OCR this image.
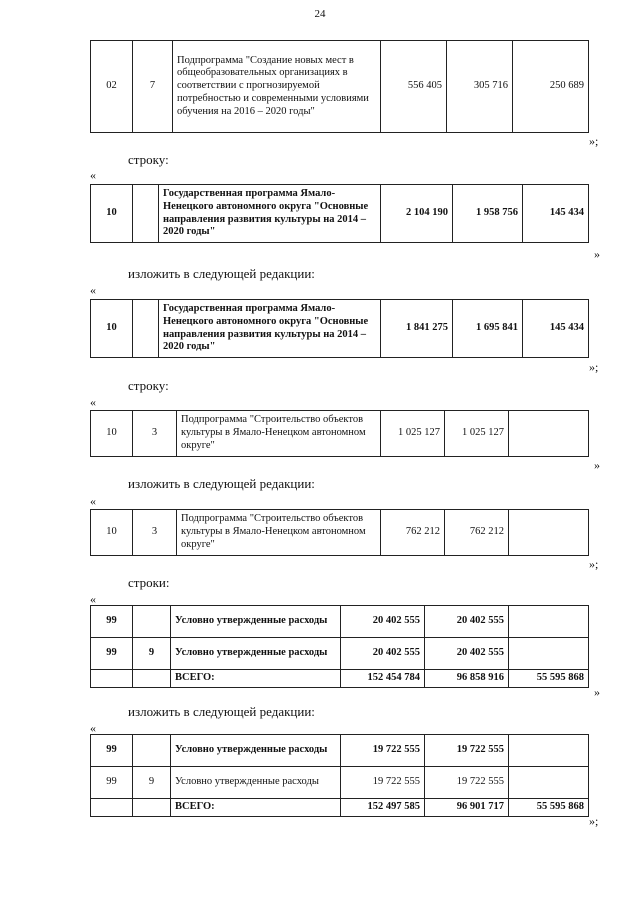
24
02	7	Подпрограмма "Создание новых мест в общеобразовательных организациях в соответствии с прогнозируемой потребностью и современными условиями обучения на 2016 – 2020 годы"	556 405	305 716	250 689
»;
строку:
«
10		Государственная программа Ямало-Ненецкого автономного округа "Основные направления развития культуры на 2014 – 2020 годы"	2 104 190	1 958 756	145 434
»
изложить в следующей редакции:
«
10		Государственная программа Ямало-Ненецкого автономного округа "Основные направления развития культуры на 2014 – 2020 годы"	1 841 275	1 695 841	145 434
»;
строку:
«
10	3	Подпрограмма "Строительство объектов культуры в Ямало-Ненецком автономном округе"	1 025 127	1 025 127	
»
изложить в следующей редакции:
«
10	3	Подпрограмма "Строительство объектов культуры в Ямало-Ненецком автономном округе"	762 212	762 212	
»;
строки:
«
99		Условно утвержденные расходы	20 402 555	20 402 555	
99	9	Условно утвержденные расходы	20 402 555	20 402 555	
		ВСЕГО:	152 454 784	96 858 916	55 595 868
»
изложить в следующей редакции:
«
99		Условно утвержденные расходы	19 722 555	19 722 555	
99	9	Условно утвержденные расходы	19 722 555	19 722 555	
		ВСЕГО:	152 497 585	96 901 717	55 595 868
»;
